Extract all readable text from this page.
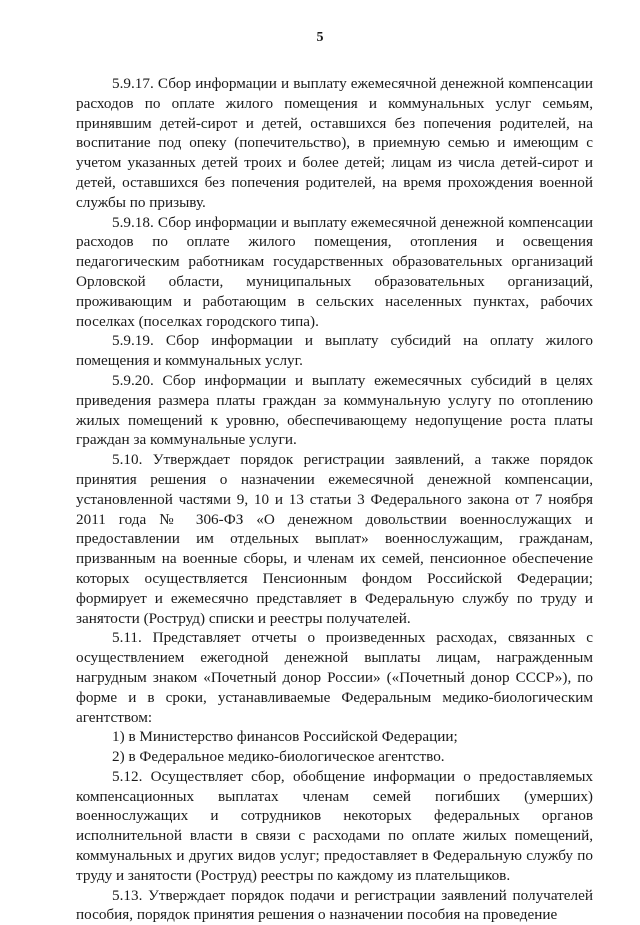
5

5.9.17. Сбор информации и выплату ежемесячной денежной компенсации расходов по оплате жилого помещения и коммунальных услуг семьям, принявшим детей-сирот и детей, оставшихся без попечения родителей, на воспитание под опеку (попечительство), в приемную семью и имеющим с учетом указанных детей троих и более детей; лицам из числа детей-сирот и детей, оставшихся без попечения родителей, на время прохождения военной службы по призыву.

5.9.18. Сбор информации и выплату ежемесячной денежной компенсации расходов по оплате жилого помещения, отопления и освещения педагогическим работникам государственных образовательных организаций Орловской области, муниципальных образовательных организаций, проживающим и работающим в сельских населенных пунктах, рабочих поселках (поселках городского типа).

5.9.19. Сбор информации и выплату субсидий на оплату жилого помещения и коммунальных услуг.

5.9.20. Сбор информации и выплату ежемесячных субсидий в целях приведения размера платы граждан за коммунальную услугу по отоплению жилых помещений к уровню, обеспечивающему недопущение роста платы граждан за коммунальные услуги.

5.10. Утверждает порядок регистрации заявлений, а также порядок принятия решения о назначении ежемесячной денежной компенсации, установленной частями 9, 10 и 13 статьи 3 Федерального закона от 7 ноября 2011 года № 306-ФЗ «О денежном довольствии военнослужащих и предоставлении им отдельных выплат» военнослужащим, гражданам, призванным на военные сборы, и членам их семей, пенсионное обеспечение которых осуществляется Пенсионным фондом Российской Федерации; формирует и ежемесячно представляет в Федеральную службу по труду и занятости (Роструд) списки и реестры получателей.

5.11. Представляет отчеты о произведенных расходах, связанных с осуществлением ежегодной денежной выплаты лицам, награжденным нагрудным знаком «Почетный донор России» («Почетный донор СССР»), по форме и в сроки, устанавливаемые Федеральным медико-биологическим агентством:

1) в Министерство финансов Российской Федерации;

2) в Федеральное медико-биологическое агентство.

5.12. Осуществляет сбор, обобщение информации о предоставляемых компенсационных выплатах членам семей погибших (умерших) военнослужащих и сотрудников некоторых федеральных органов исполнительной власти в связи с расходами по оплате жилых помещений, коммунальных и других видов услуг; предоставляет в Федеральную службу по труду и занятости (Роструд) реестры по каждому из плательщиков.

5.13. Утверждает порядок подачи и регистрации заявлений получателей пособия, порядок принятия решения о назначении пособия на проведение
